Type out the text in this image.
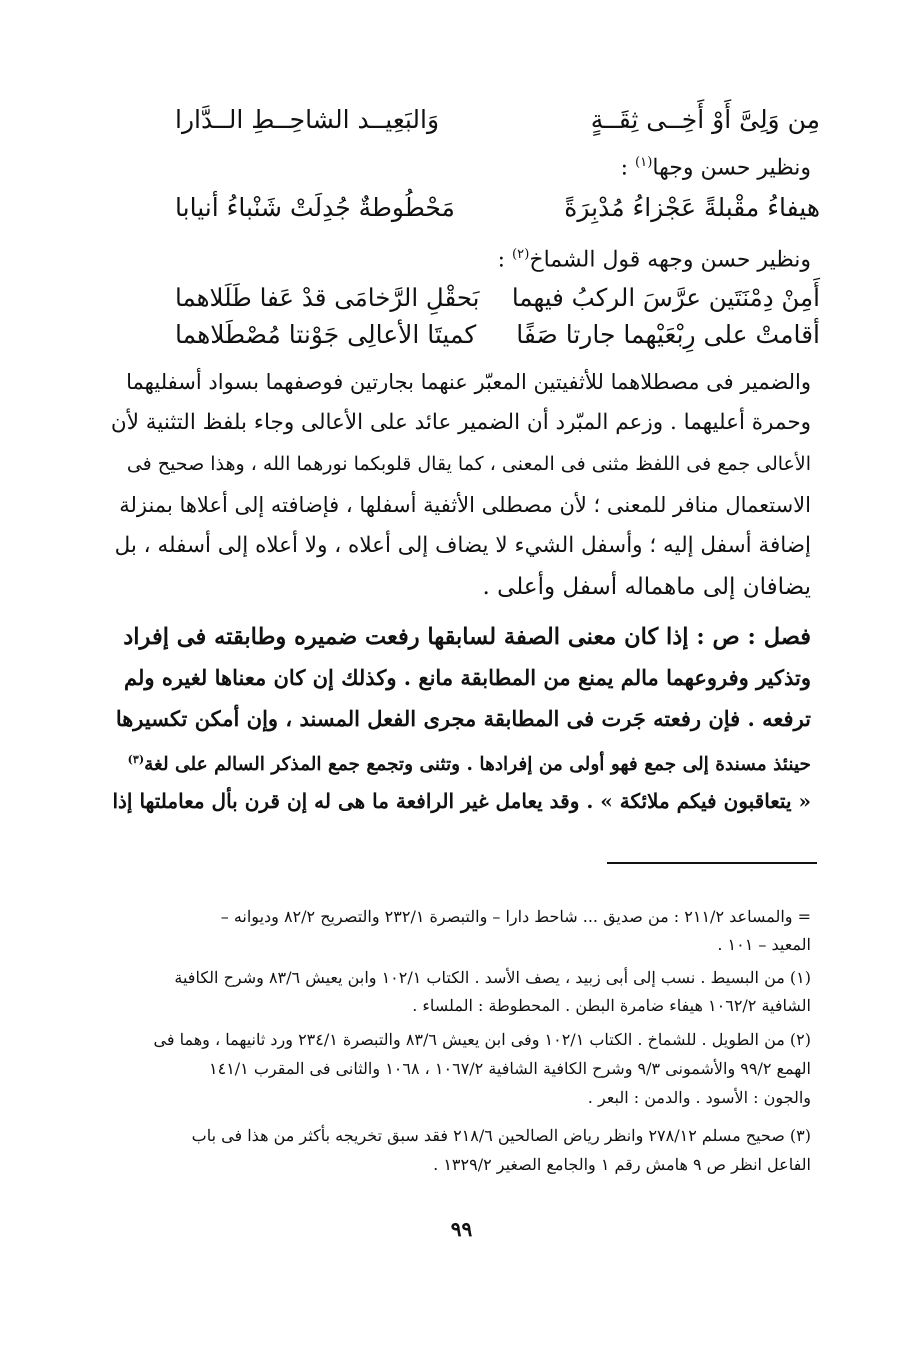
مِن وَلِىَّ أَوْ أَخِــى ثِقَــةٍ
وَالبَعِيــد الشاحِــطِ الــدَّارا
ونظير حسن وجها$^{(١)}$ :
هيفاءُ مقْبلةً عَجْزاءُ مُدْبِرَةً
مَحْطُوطةٌ جُدِلَتْ شَنْباءُ أنيابا
ونظير حسن وجهه قول الشماخ$^{(٢)}$ :
أَمِنْ دِمْنَتَين عرَّسَ الركبُ فيهما
بَحقْلِ الرَّخامَى قدْ عَفا طَلَلاهما
أقامتْ على رِبْعَيْهما جارتا صَفًا
كميتَا الأعالِى جَوْنتا مُصْطَلاهما
والضمير فى مصطلاهما للأثفيتين المعبّر عنهما بجارتين فوصفهما بسواد أسفليهما
وحمرة أعليهما . وزعم المبّرد أن الضمير عائد على الأعالى وجاء بلفظ التثنية لأن
الأعالى جمع فى اللفظ مثنى فى المعنى ، كما يقال قلوبكما نورهما الله ، وهذا صحيح فى
الاستعمال منافر للمعنى ؛ لأن مصطلى الأثفية أسفلها ، فإضافته إلى أعلاها بمنزلة
إضافة أسفل إليه ؛ وأسفل الشيء لا يضاف إلى أعلاه ، ولا أعلاه إلى أسفله ، بل
يضافان إلى ماهماله أسفل وأعلى .
فصل : ص : إذا كان معنى الصفة لسابقها رفعت ضميره وطابقته فى إفراد
وتذكير وفروعهما مالم يمنع من المطابقة مانع . وكذلك إن كان معناها لغيره ولم
ترفعه . فإن رفعته جَرت فى المطابقة مجرى الفعل المسند ، وإن أمكن تكسيرها
حينئذ مسندة إلى جمع فهو أولى من إفرادها . وتثنى وتجمع جمع المذكر السالم على لغة$^{(٣)}$
« يتعاقبون فيكم ملائكة » . وقد يعامل غير الرافعة ما هى له إن قرن بأل معاملتها إذا
= والمساعد ٢١١/٢ : من صديق ... شاحط دارا – والتبصرة ٢٣٢/١ والتصريح ٨٢/٢ وديوانه –
المعيد – ١٠١ .
(١) من البسيط . نسب إلى أبى زبيد ، يصف الأسد . الكتاب ١٠٢/١ وابن يعيش ٨٣/٦ وشرح الكافية
الشافية ١٠٦٢/٢ هيفاء ضامرة البطن . المحطوطة : الملساء .
(٢) من الطويل . للشماخ . الكتاب ١٠٢/١ وفى ابن يعيش ٨٣/٦ والتبصرة ٢٣٤/١ ورد ثانيهما ، وهما فى
الهمع ٩٩/٢ والأشمونى ٩/٣ وشرح الكافية الشافية ١٠٦٧/٢ ، ١٠٦٨ والثانى فى المقرب ١٤١/١
والجون : الأسود . والدمن : البعر .
(٣) صحيح مسلم ٢٧٨/١٢ وانظر رياض الصالحين ٢١٨/٦ فقد سبق تخريجه بأكثر من هذا فى باب
الفاعل انظر ص ٩ هامش رقم ١ والجامع الصغير ١٣٢٩/٢ .
٩٩
